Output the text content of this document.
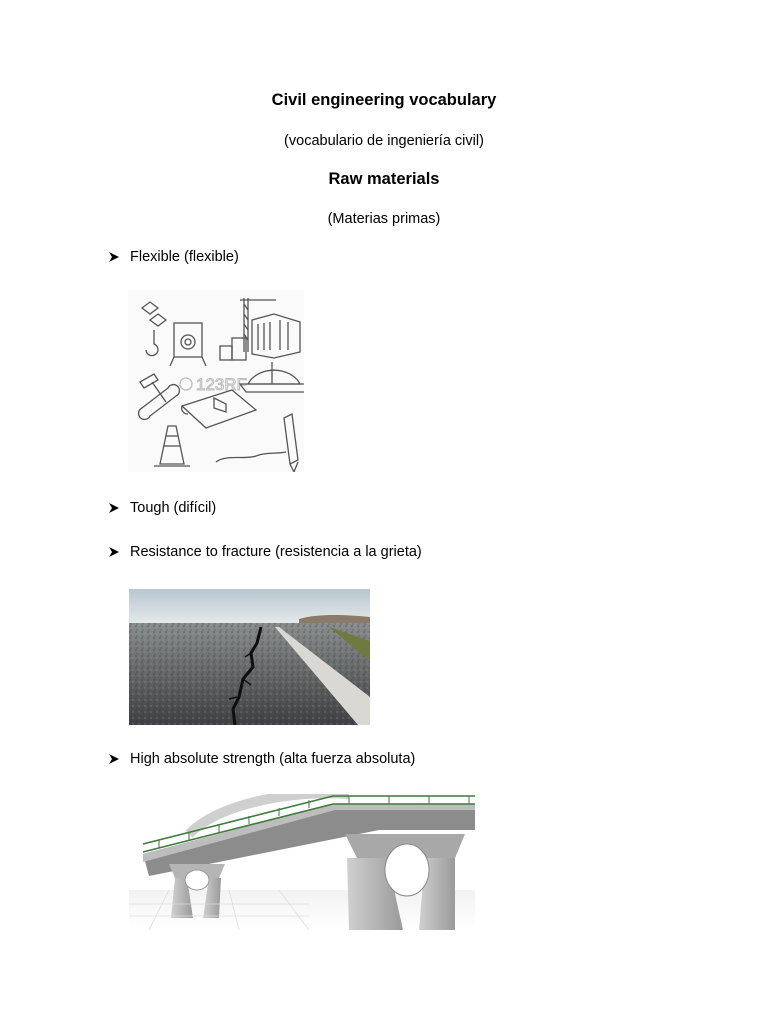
Civil engineering vocabulary
(vocabulario de ingeniería civil)
Raw materials
(Materias primas)
Flexible (flexible)
123RF
Tough (difícil)
Resistance to fracture (resistencia a la grieta)
High absolute strength (alta fuerza absoluta)
